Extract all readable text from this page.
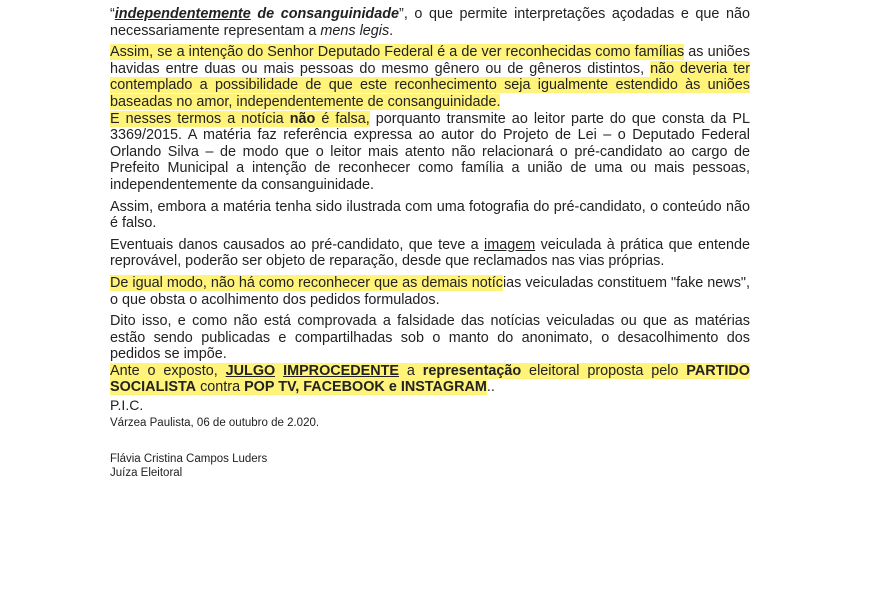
“independentemente de consanguinidade”, o que permite interpretações açodadas e que não necessariamente representam a mens legis.

Assim, se a intenção do Senhor Deputado Federal é a de ver reconhecidas como famílias as uniões havidas entre duas ou mais pessoas do mesmo gênero ou de gêneros distintos, não deveria ter contemplado a possibilidade de que este reconhecimento seja igualmente estendido às uniões baseadas no amor, independentemente de consanguinidade.

E nesses termos a notícia não é falsa, porquanto transmite ao leitor parte do que consta da PL 3369/2015. A matéria faz referência expressa ao autor do Projeto de Lei – o Deputado Federal Orlando Silva – de modo que o leitor mais atento não relacionará o pré-candidato ao cargo de Prefeito Municipal a intenção de reconhecer como família a união de uma ou mais pessoas, independentemente da consanguinidade.

Assim, embora a matéria tenha sido ilustrada com uma fotografia do pré-candidato, o conteúdo não é falso.

Eventuais danos causados ao pré-candidato, que teve a imagem veiculada à prática que entende reprovável, poderão ser objeto de reparação, desde que reclamados nas vias próprias.

De igual modo, não há como reconhecer que as demais notícias veiculadas constituem "fake news", o que obsta o acolhimento dos pedidos formulados.

Dito isso, e como não está comprovada a falsidade das notícias veiculadas ou que as matérias estão sendo publicadas e compartilhadas sob o manto do anonimato, o desacolhimento dos pedidos se impõe.

Ante o exposto, JULGO IMPROCEDENTE a representação eleitoral proposta pelo PARTIDO SOCIALISTA contra POP TV, FACEBOOK e INSTAGRAM..

P.I.C.

Várzea Paulista, 06 de outubro de 2.020.

Flávia Cristina Campos Luders

Juíza Eleitoral
